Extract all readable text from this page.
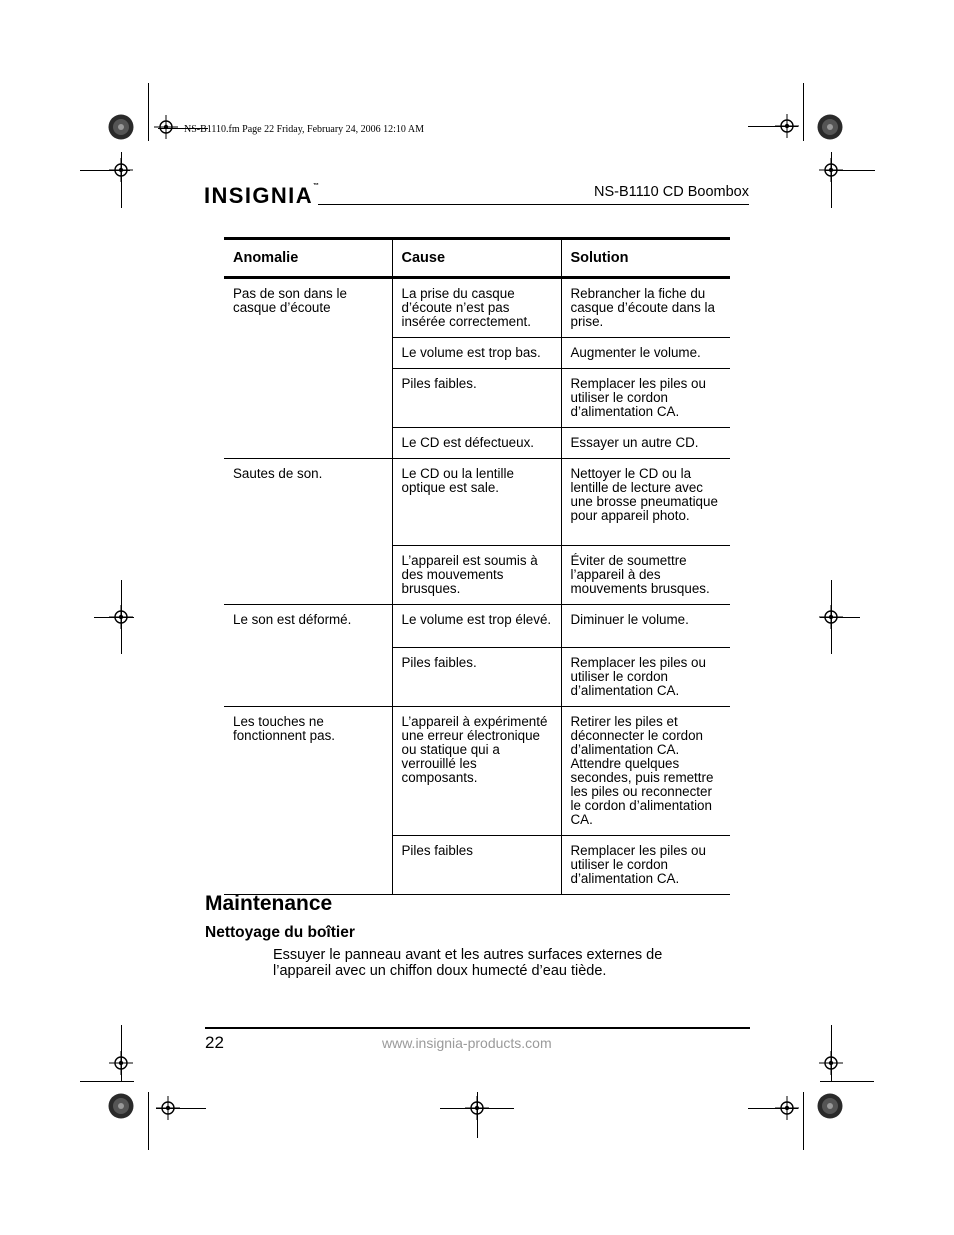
NS-B1110.fm Page 22 Friday, February 24, 2006 12:10 AM
INSIGNIA™	NS-B1110 CD Boombox
Anomalie	Cause	Solution
Pas de son dans le casque d’écoute	La prise du casque d’écoute n’est pas insérée correctement.	Rebrancher la fiche du casque d’écoute dans la prise.
	Le volume est trop bas.	Augmenter le volume.
	Piles faibles.	Remplacer les piles ou utiliser le cordon d’alimentation CA.
	Le CD est défectueux.	Essayer un autre CD.
Sautes de son.	Le CD ou la lentille optique est sale.	Nettoyer le CD ou la lentille de lecture avec une brosse pneumatique pour appareil photo.
	L’appareil est soumis à des mouvements brusques.	Éviter de soumettre l’appareil à des mouvements brusques.
Le son est déformé.	Le volume est trop élevé.	Diminuer le volume.
	Piles faibles.	Remplacer les piles ou utiliser le cordon d’alimentation CA.
Les touches ne fonctionnent pas.	L’appareil à expérimenté une erreur électronique ou statique qui a verrouillé les composants.	Retirer les piles et déconnecter le cordon d’alimentation CA. Attendre quelques secondes, puis remettre les piles ou reconnecter le cordon d’alimentation CA.
	Piles faibles	Remplacer les piles ou utiliser le cordon d’alimentation CA.
Maintenance
Nettoyage du boîtier
Essuyer le panneau avant et les autres surfaces externes de l’appareil avec un chiffon doux humecté d’eau tiède.
22	www.insignia-products.com
